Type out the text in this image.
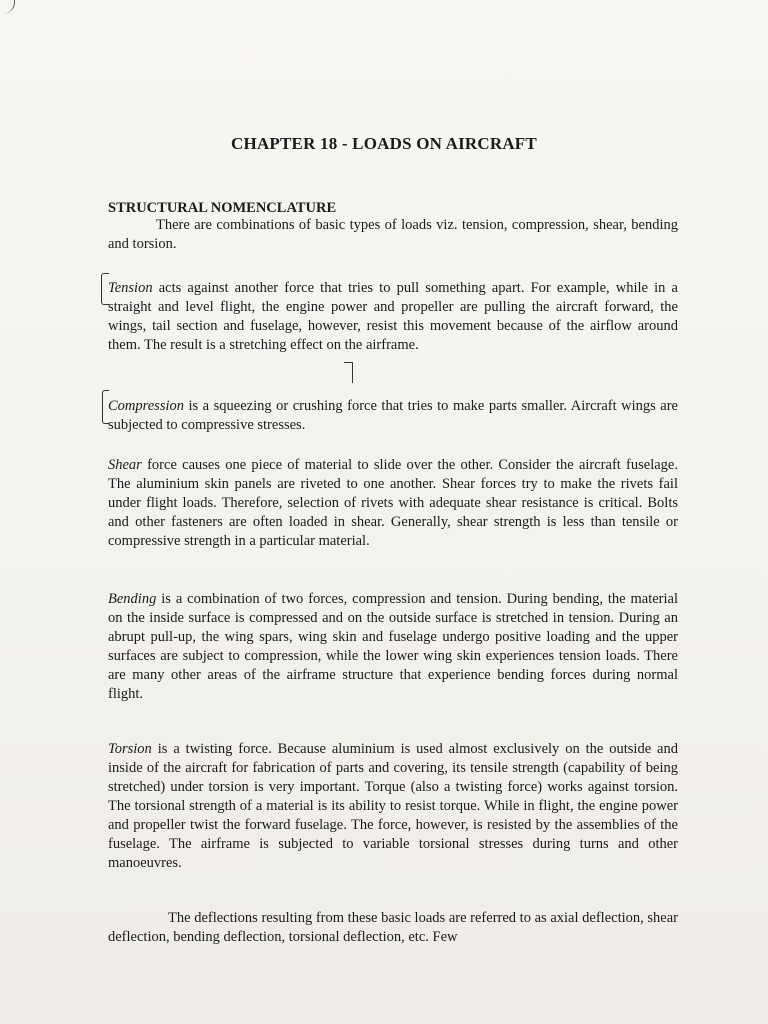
CHAPTER 18 - LOADS ON AIRCRAFT
STRUCTURAL NOMENCLATURE
There are combinations of basic types of loads viz. tension, compression, shear, bending and torsion.
Tension acts against another force that tries to pull something apart. For example, while in a straight and level flight, the engine power and propeller are pulling the aircraft forward, the wings, tail section and fuselage, however, resist this movement because of the airflow around them. The result is a stretching effect on the airframe.
Compression is a squeezing or crushing force that tries to make parts smaller. Aircraft wings are subjected to compressive stresses.
Shear force causes one piece of material to slide over the other. Consider the aircraft fuselage. The aluminium skin panels are riveted to one another. Shear forces try to make the rivets fail under flight loads. Therefore, selection of rivets with adequate shear resistance is critical. Bolts and other fasteners are often loaded in shear. Generally, shear strength is less than tensile or compressive strength in a particular material.
Bending is a combination of two forces, compression and tension. During bending, the material on the inside surface is compressed and on the outside surface is stretched in tension. During an abrupt pull-up, the wing spars, wing skin and fuselage undergo positive loading and the upper surfaces are subject to compression, while the lower wing skin experiences tension loads. There are many other areas of the airframe structure that experience bending forces during normal flight.
Torsion is a twisting force. Because aluminium is used almost exclusively on the outside and inside of the aircraft for fabrication of parts and covering, its tensile strength (capability of being stretched) under torsion is very important. Torque (also a twisting force) works against torsion. The torsional strength of a material is its ability to resist torque. While in flight, the engine power and propeller twist the forward fuselage. The force, however, is resisted by the assemblies of the fuselage. The airframe is subjected to variable torsional stresses during turns and other manoeuvres.
The deflections resulting from these basic loads are referred to as axial deflection, shear deflection, bending deflection, torsional deflection, etc. Few
